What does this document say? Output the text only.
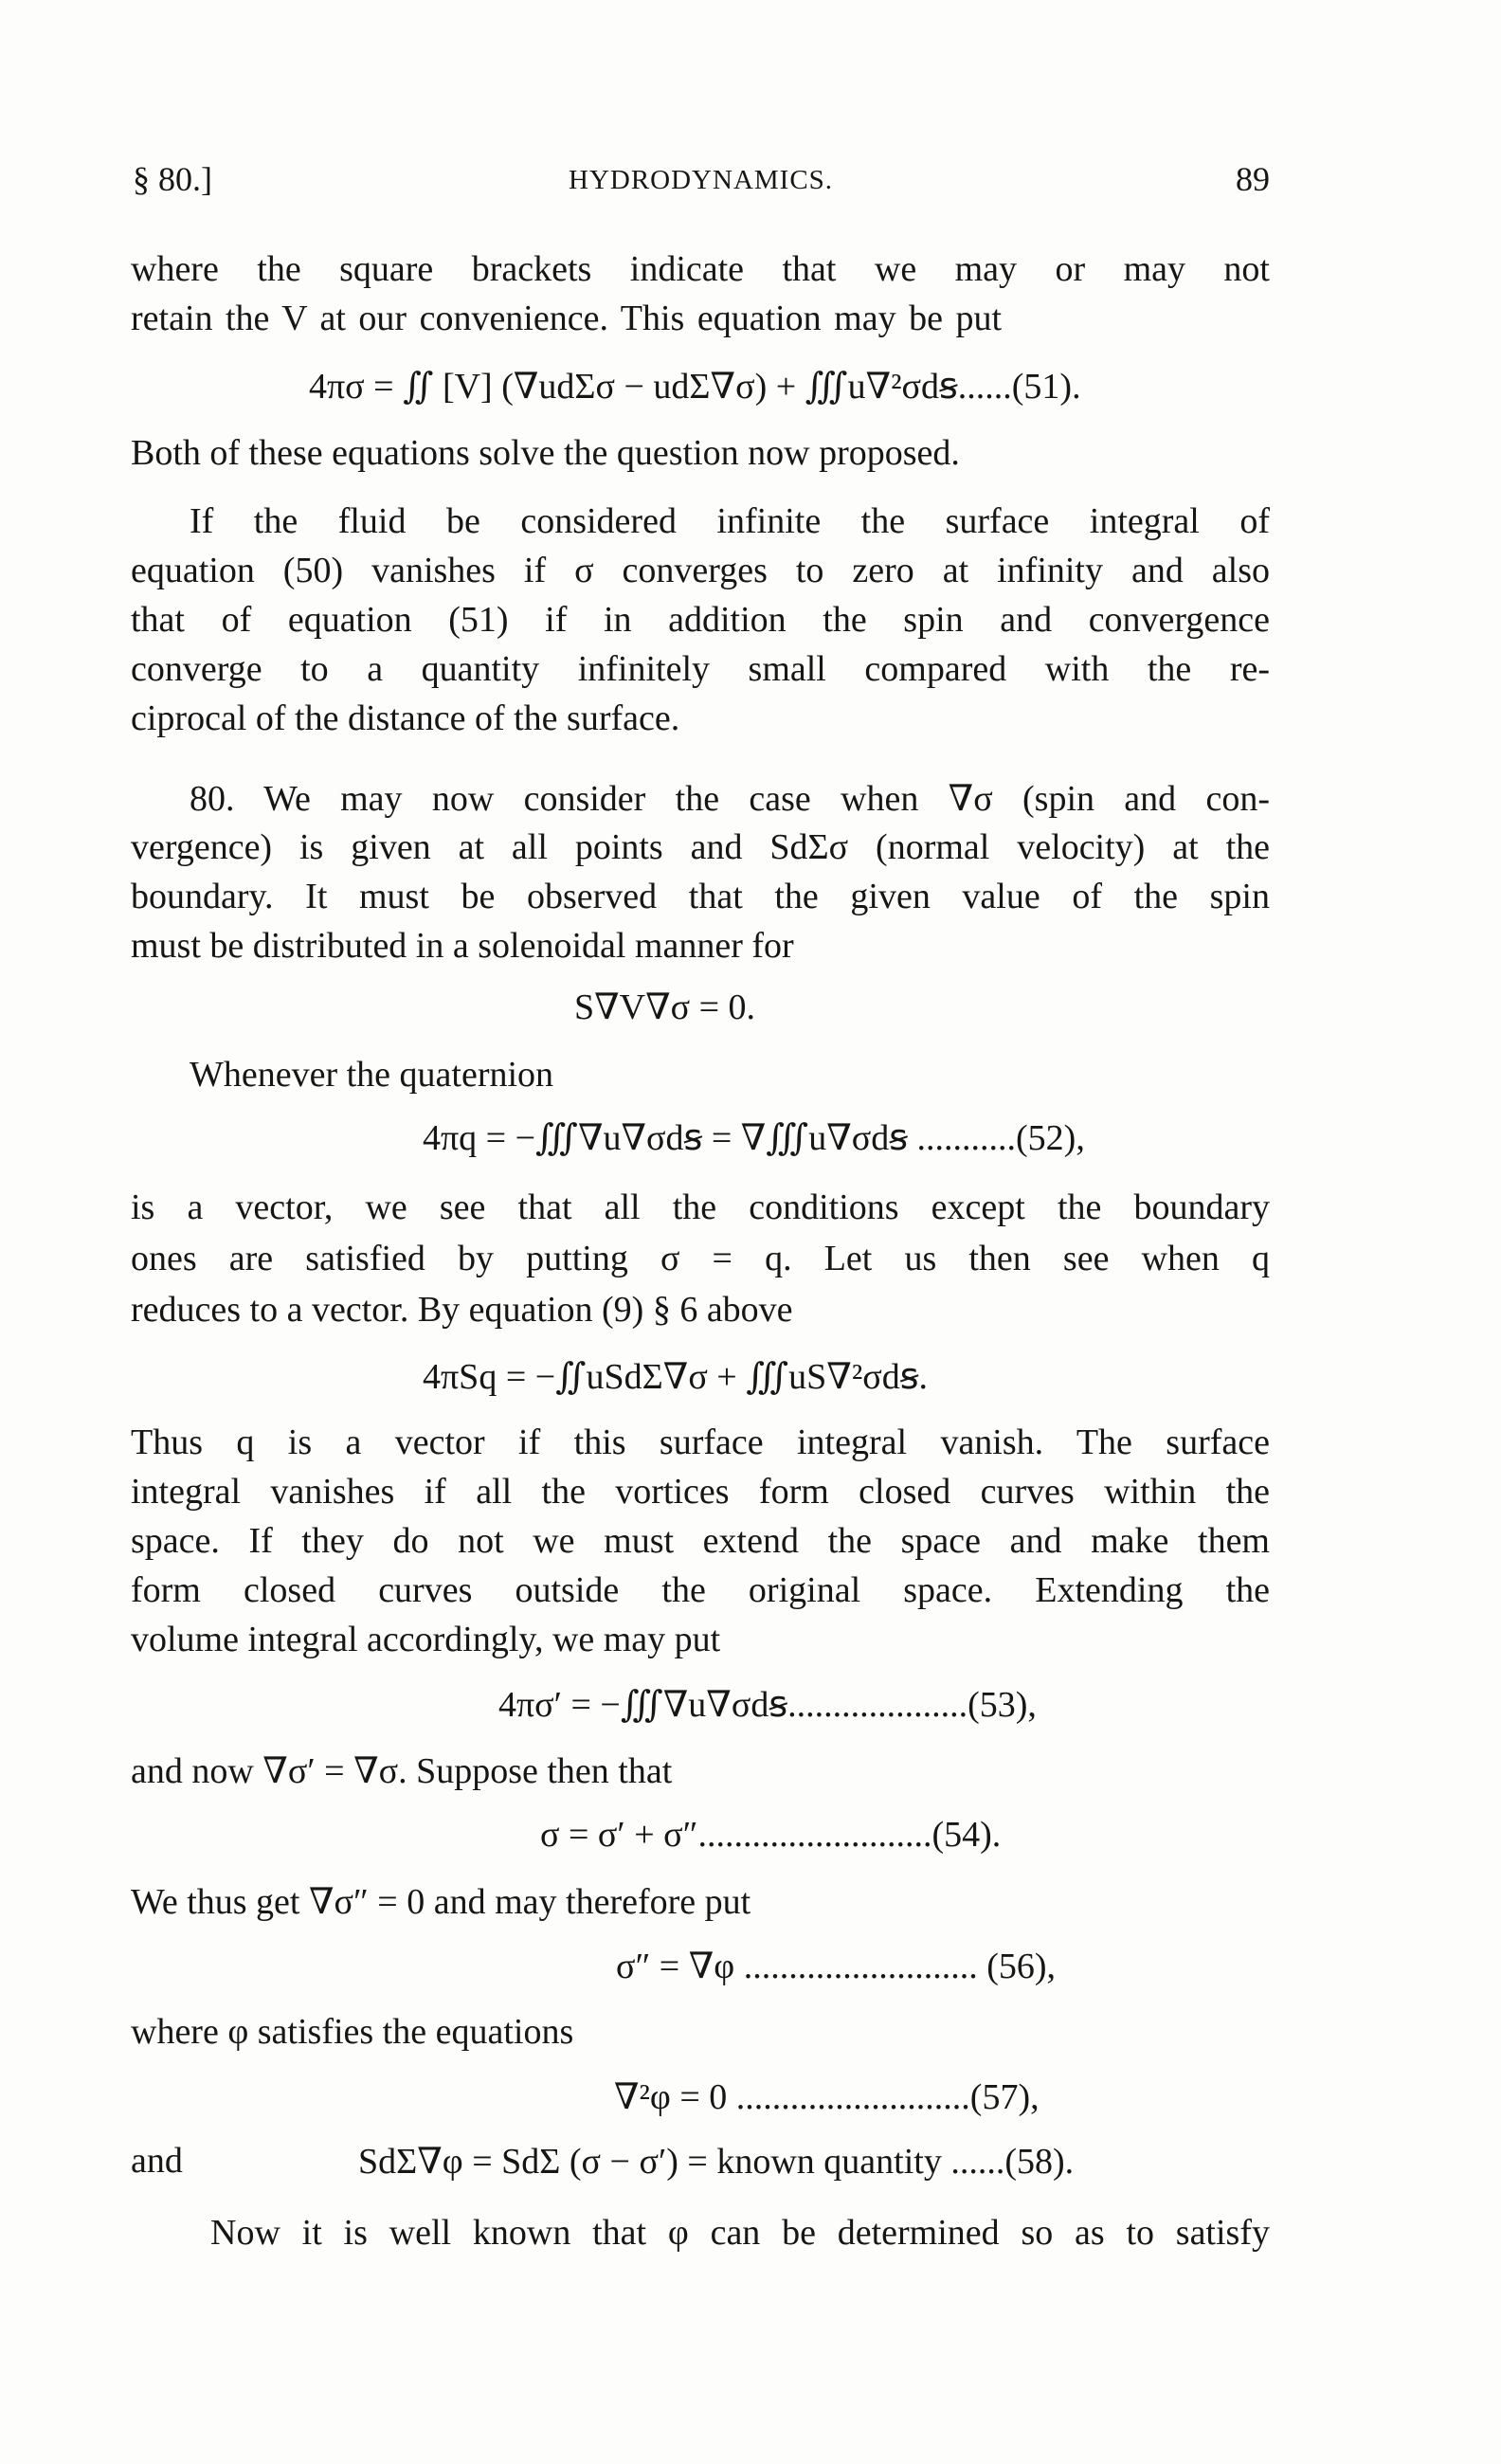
§ 80.]	HYDRODYNAMICS.	89
where the square brackets indicate that we may or may not
retain the V at our convenience. This equation may be put
4πσ = ∬ [V] (∇udΣσ − udΣ∇σ) + ∭u∇²σdꞩ......(51).
Both of these equations solve the question now proposed.
If the fluid be considered infinite the surface integral of
equation (50) vanishes if σ converges to zero at infinity and also
that of equation (51) if in addition the spin and convergence
converge to a quantity infinitely small compared with the re-
ciprocal of the distance of the surface.
80. We may now consider the case when ∇σ (spin and con-
vergence) is given at all points and SdΣσ (normal velocity) at the
boundary. It must be observed that the given value of the spin
must be distributed in a solenoidal manner for
S∇V∇σ = 0.
Whenever the quaternion
4πq = −∭∇u∇σdꞩ = ∇∭u∇σdꞩ ...........(52),
is a vector, we see that all the conditions except the boundary
ones are satisfied by putting σ = q. Let us then see when q
reduces to a vector. By equation (9) § 6 above
4πSq = −∬uSdΣ∇σ + ∭uS∇²σdꞩ.
Thus q is a vector if this surface integral vanish. The surface
integral vanishes if all the vortices form closed curves within the
space. If they do not we must extend the space and make them
form closed curves outside the original space. Extending the
volume integral accordingly, we may put
4πσ′ = −∭∇u∇σdꞩ....................(53),
and now ∇σ′ = ∇σ. Suppose then that
σ = σ′ + σ″..........................(54).
We thus get ∇σ″ = 0 and may therefore put
σ″ = ∇φ .......................... (56),
where φ satisfies the equations
∇²φ = 0 ..........................(57),
and	SdΣ∇φ = SdΣ (σ − σ′) = known quantity ......(58).
Now it is well known that φ can be determined so as to satisfy
